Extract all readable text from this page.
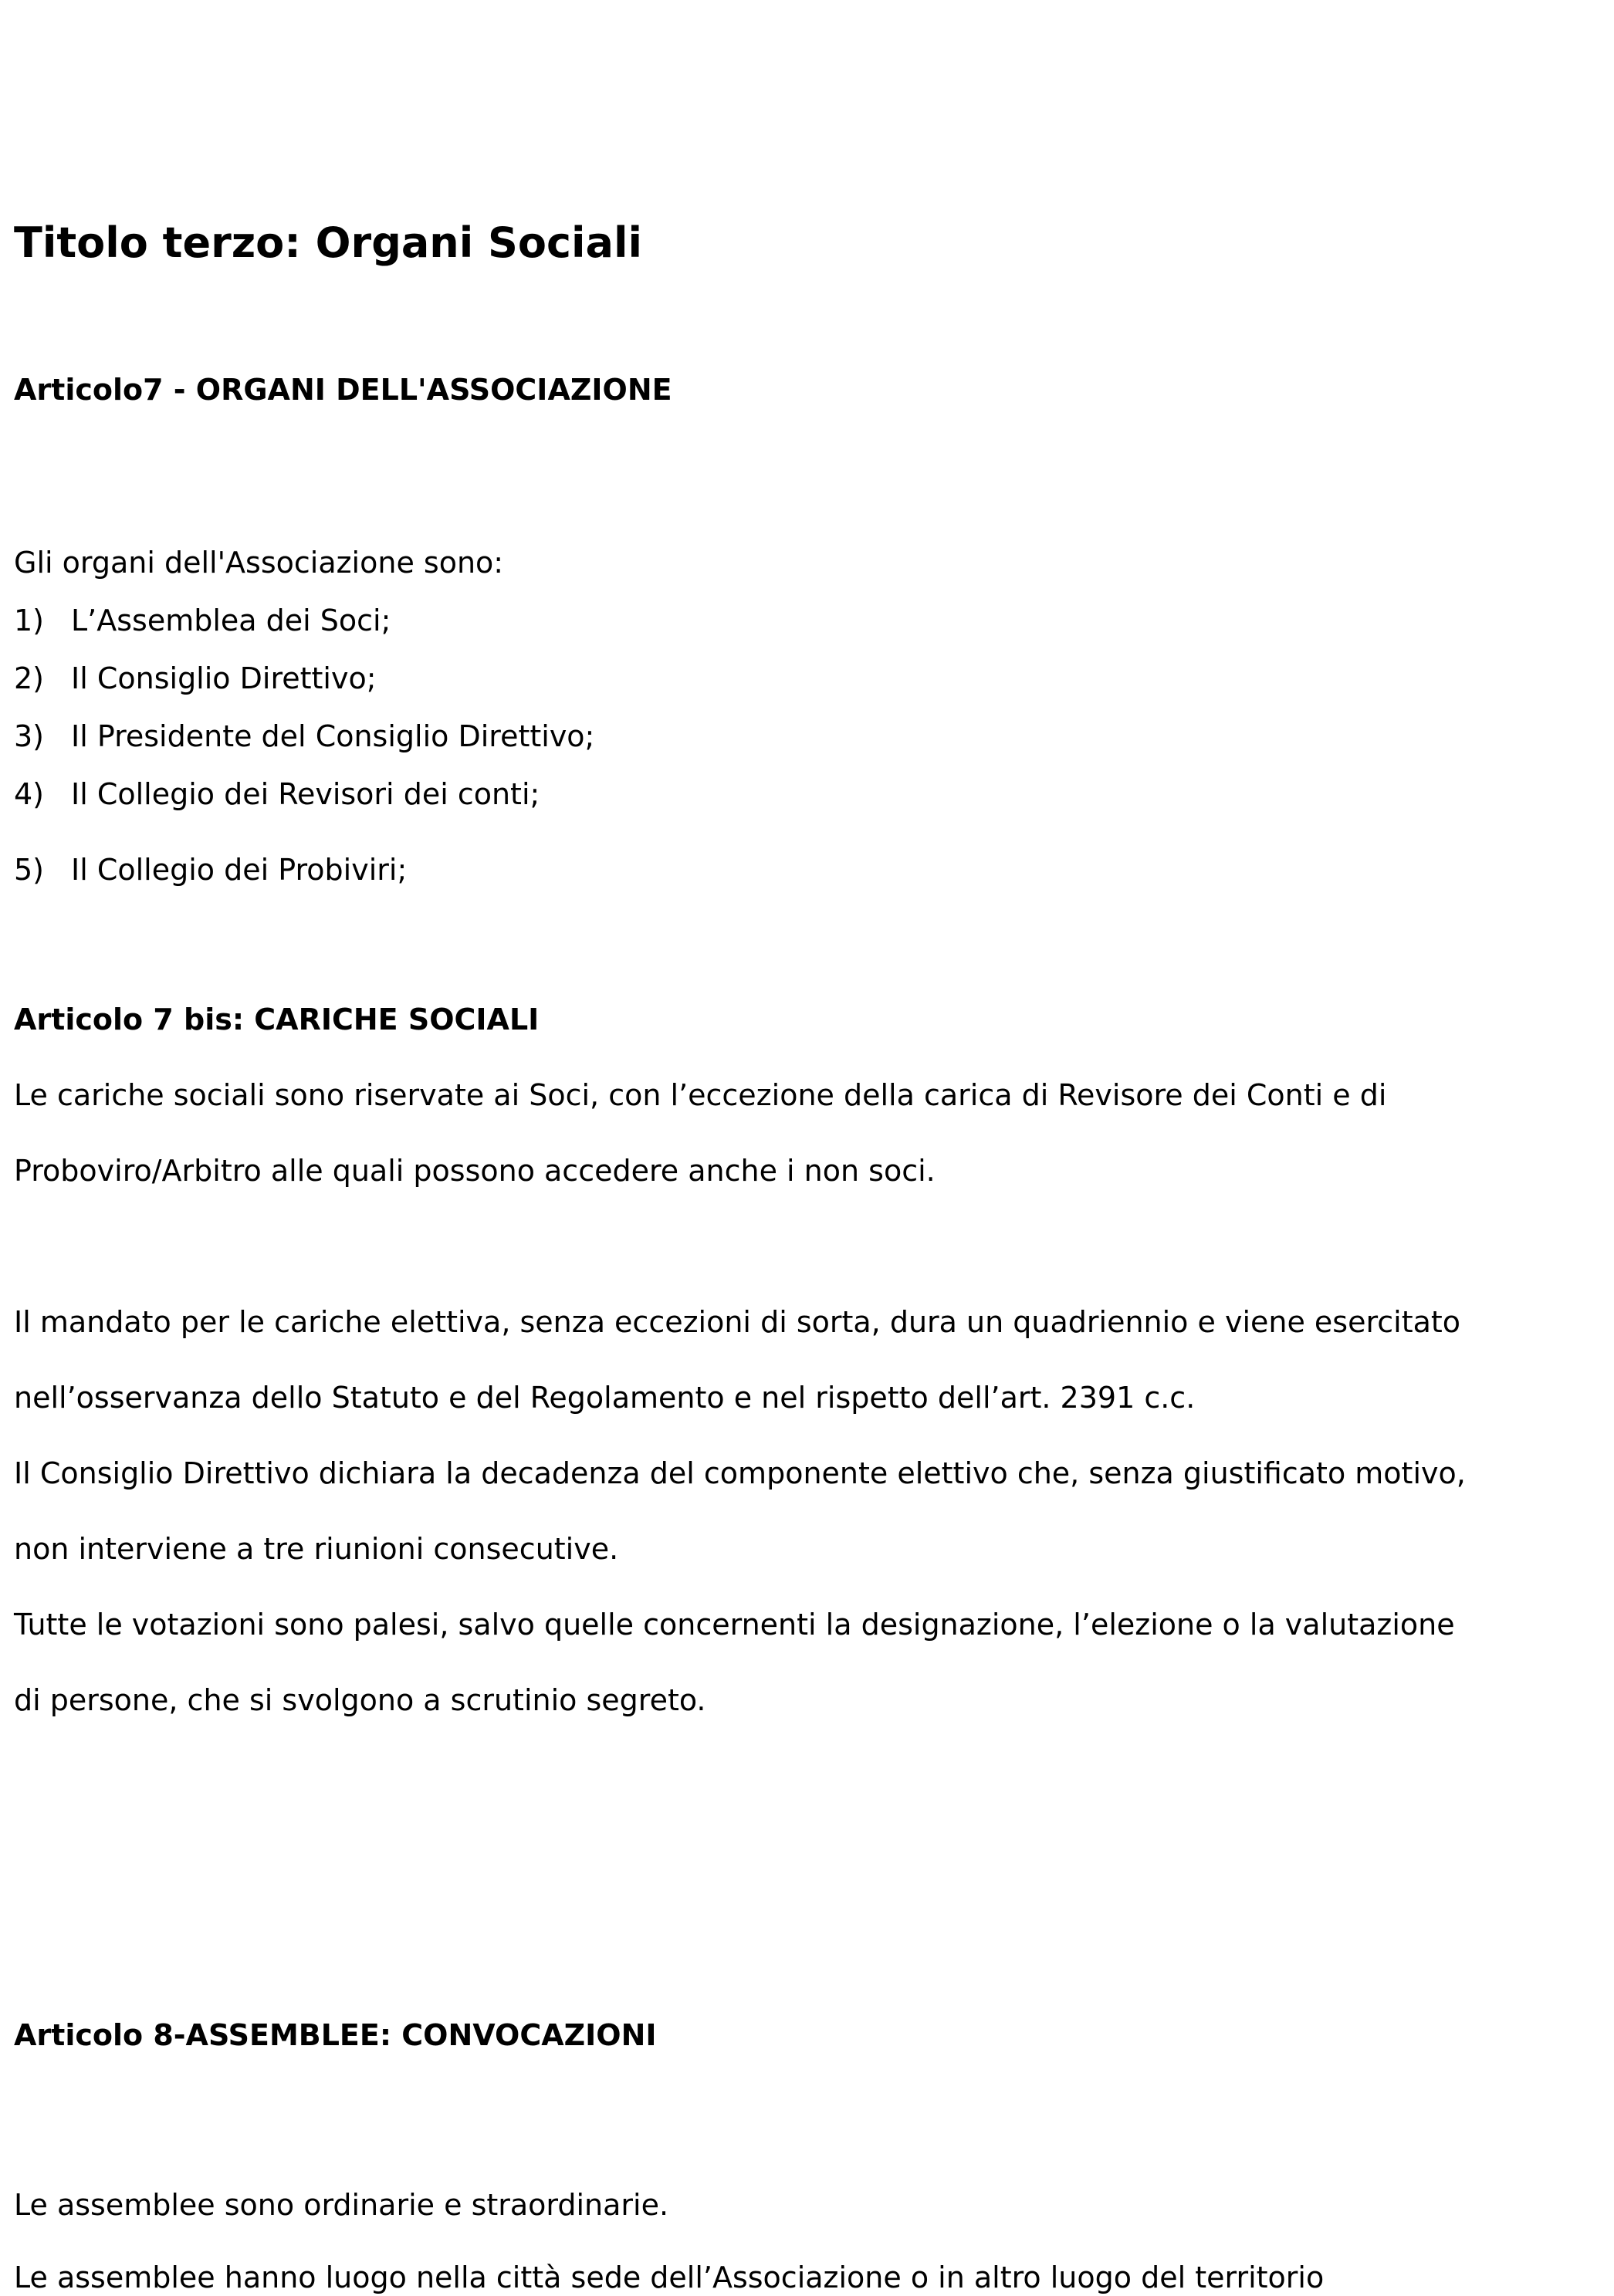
Titolo terzo: Organi Sociali
Articolo7 - ORGANI DELL'ASSOCIAZIONE
Gli organi dell'Associazione sono:
1) L’Assemblea dei Soci;
2) Il Consiglio Direttivo;
3) Il Presidente del Consiglio Direttivo;
4) Il Collegio dei Revisori dei conti;
5) Il Collegio dei Probiviri;
Articolo 7 bis: CARICHE SOCIALI
Le cariche sociali sono riservate ai Soci, con l’eccezione della carica di Revisore dei Conti e di
Proboviro/Arbitro alle quali possono accedere anche i non soci.
Il mandato per le cariche elettiva, senza eccezioni di sorta, dura un quadriennio e viene esercitato
nell’osservanza dello Statuto e del Regolamento e nel rispetto dell’art. 2391 c.c.
Il Consiglio Direttivo dichiara la decadenza del componente elettivo che, senza giustificato motivo,
non interviene a tre riunioni consecutive.
Tutte le votazioni sono palesi, salvo quelle concernenti la designazione, l’elezione o la valutazione
di persone, che si svolgono a scrutinio segreto.
Articolo 8-ASSEMBLEE: CONVOCAZIONI
Le assemblee sono ordinarie e straordinarie.
Le assemblee hanno luogo nella città sede dell’Associazione o in altro luogo del territorio
